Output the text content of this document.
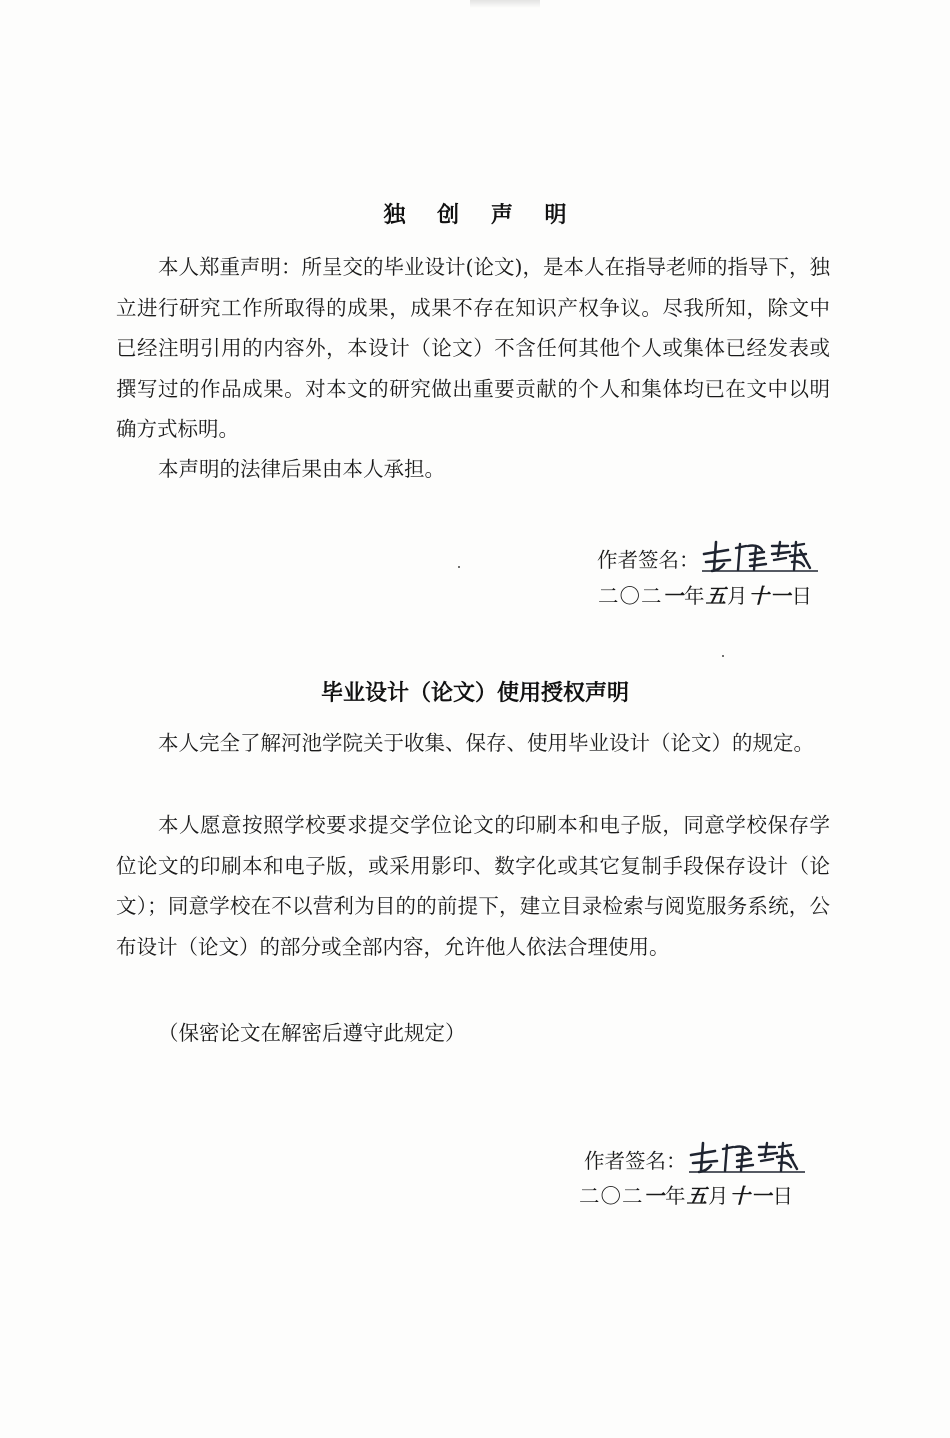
独 创 声 明

本人郑重声明：所呈交的毕业设计(论文)，是本人在指导老师的指导下，独立进行研究工作所取得的成果，成果不存在知识产权争议。尽我所知，除文中已经注明引用的内容外，本设计（论文）不含任何其他个人或集体已经发表或撰写过的作品成果。对本文的研究做出重要贡献的个人和集体均已在文中以明确方式标明。

本声明的法律后果由本人承担。

作者签名：
二〇二一年五月十一日
毕业设计（论文）使用授权声明

本人完全了解河池学院关于收集、保存、使用毕业设计（论文）的规定。

本人愿意按照学校要求提交学位论文的印刷本和电子版，同意学校保存学位论文的印刷本和电子版，或采用影印、数字化或其它复制手段保存设计（论文）；同意学校在不以营利为目的的前提下，建立目录检索与阅览服务系统，公布设计（论文）的部分或全部内容，允许他人依法合理使用。

（保密论文在解密后遵守此规定）

作者签名：
二〇二一年五月十一日
